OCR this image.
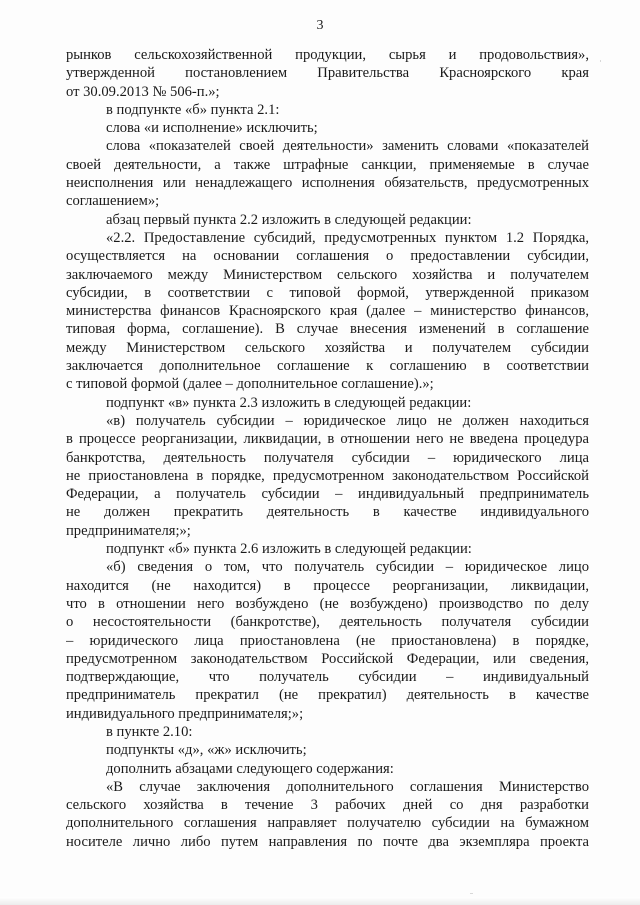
3
рынков сельскохозяйственной продукции, сырья и продовольствия»,
утвержденной постановлением Правительства Красноярского края
от 30.09.2013 № 506-п.»;
в подпункте «б» пункта 2.1:
слова «и исполнение» исключить;
слова «показателей своей деятельности» заменить словами «показателей
своей деятельности, а также штрафные санкции, применяемые в случае
неисполнения или ненадлежащего исполнения обязательств, предусмотренных
соглашением»;
абзац первый пункта 2.2 изложить в следующей редакции:
«2.2. Предоставление субсидий, предусмотренных пунктом 1.2 Порядка,
осуществляется на основании соглашения о предоставлении субсидии,
заключаемого между Министерством сельского хозяйства и получателем
субсидии, в соответствии с типовой формой, утвержденной приказом
министерства финансов Красноярского края (далее – министерство финансов,
типовая форма, соглашение). В случае внесения изменений в соглашение
между Министерством сельского хозяйства и получателем субсидии
заключается дополнительное соглашение к соглашению в соответствии
с типовой формой (далее – дополнительное соглашение).»;
подпункт «в» пункта 2.3 изложить в следующей редакции:
«в) получатель субсидии – юридическое лицо не должен находиться
в процессе реорганизации, ликвидации, в отношении него не введена процедура
банкротства, деятельность получателя субсидии – юридического лица
не приостановлена в порядке, предусмотренном законодательством Российской
Федерации, а получатель субсидии – индивидуальный предприниматель
не должен прекратить деятельность в качестве индивидуального
предпринимателя;»;
подпункт «б» пункта 2.6 изложить в следующей редакции:
«б) сведения о том, что получатель субсидии – юридическое лицо
находится (не находится) в процессе реорганизации, ликвидации,
что в отношении него возбуждено (не возбуждено) производство по делу
о несостоятельности (банкротстве), деятельность получателя субсидии
– юридического лица приостановлена (не приостановлена) в порядке,
предусмотренном законодательством Российской Федерации, или сведения,
подтверждающие, что получатель субсидии – индивидуальный
предприниматель прекратил (не прекратил) деятельность в качестве
индивидуального предпринимателя;»;
в пункте 2.10:
подпункты «д», «ж» исключить;
дополнить абзацами следующего содержания:
«В случае заключения дополнительного соглашения Министерство
сельского хозяйства в течение 3 рабочих дней со дня разработки
дополнительного соглашения направляет получателю субсидии на бумажном
носителе лично либо путем направления по почте два экземпляра проекта
